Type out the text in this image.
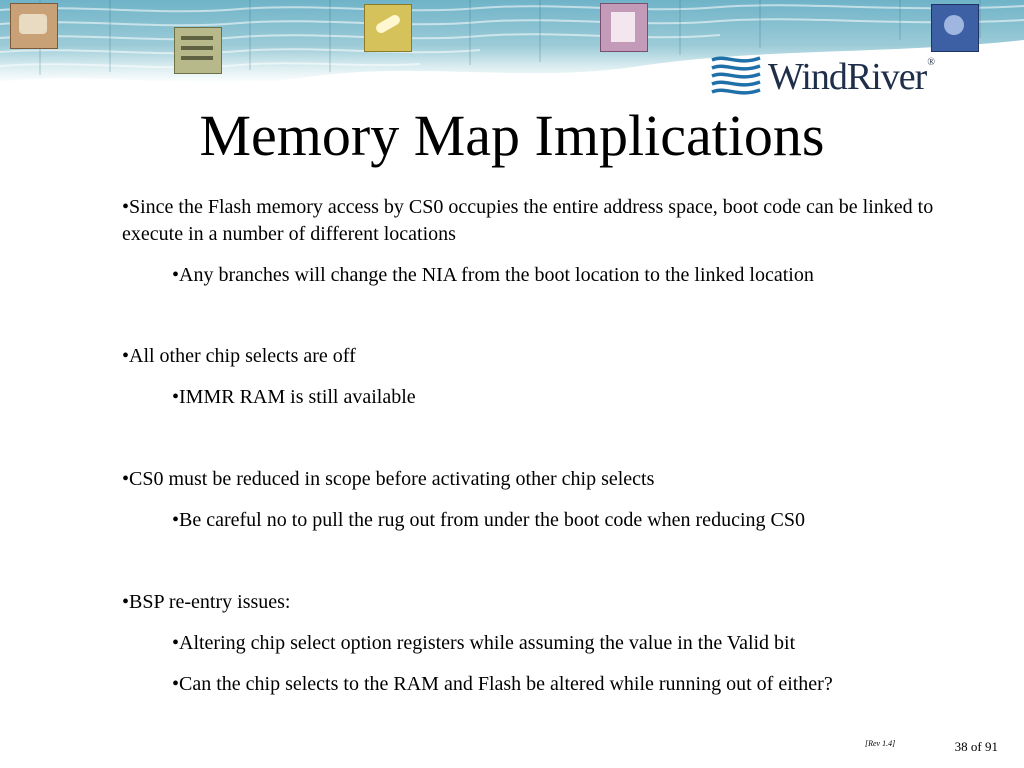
WindRiver®
Memory Map Implications

•Since the Flash memory access by CS0 occupies the entire address space, boot code can be linked to execute in a number of different locations

•Any branches will change the NIA from the boot location to the linked location

•All other chip selects are off

•IMMR RAM is still available

•CS0 must be reduced in scope before activating other chip selects

•Be careful no to pull the rug out from under the boot code when reducing CS0

•BSP re-entry issues:

•Altering chip select option registers while assuming the value in the Valid bit

•Can the chip selects to the RAM and Flash be altered while running out of either?

[Rev 1.4]	38 of 91
